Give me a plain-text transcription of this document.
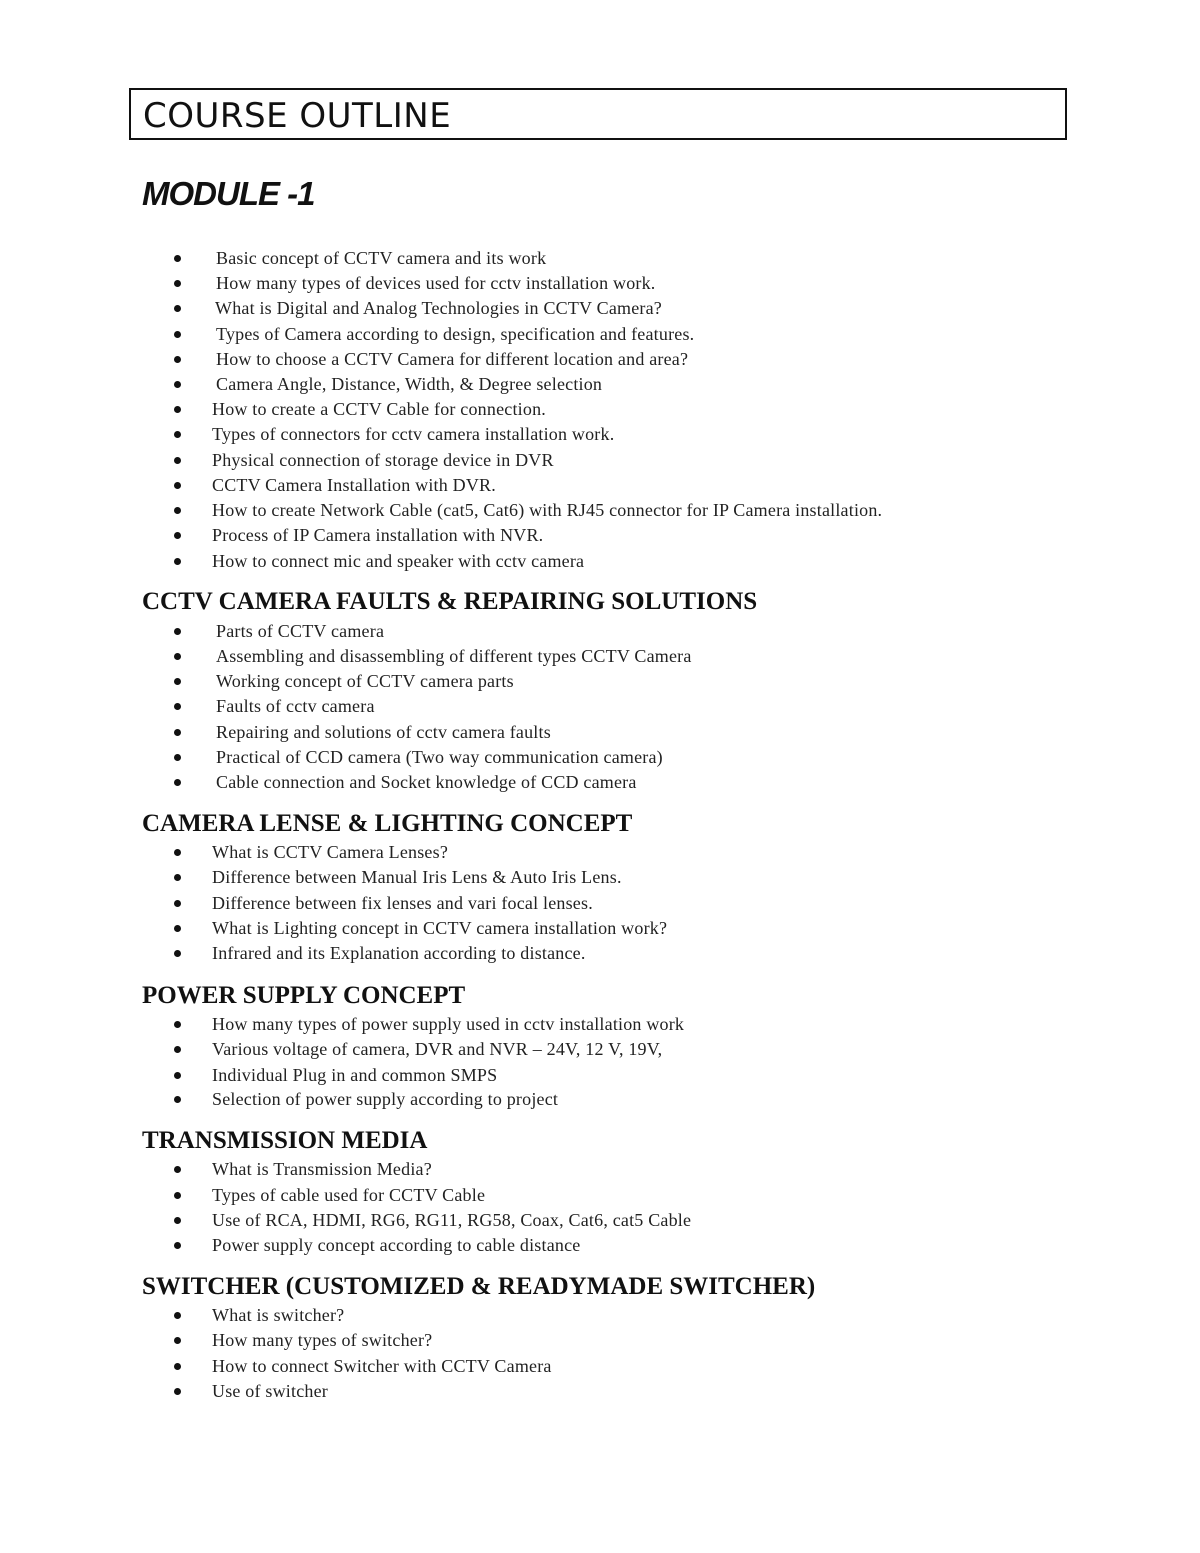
COURSE OUTLINE
MODULE -1
Basic concept of CCTV camera and its work
How many types of devices used for cctv installation work.
What is Digital and Analog Technologies in CCTV Camera?
Types of Camera according to design, specification and features.
How to choose a CCTV Camera for different location and area?
Camera Angle, Distance, Width, & Degree selection
How to create a CCTV Cable for connection.
Types of connectors for cctv camera installation work.
Physical connection of storage device in DVR
CCTV Camera Installation with DVR.
How to create Network Cable (cat5, Cat6) with RJ45 connector for IP Camera installation.
Process of IP Camera installation with NVR.
How to connect mic and speaker with cctv camera
CCTV CAMERA FAULTS & REPAIRING SOLUTIONS
Parts of CCTV camera
Assembling and disassembling of different types CCTV Camera
Working concept of CCTV camera parts
Faults of cctv camera
Repairing and solutions of cctv camera faults
Practical of CCD camera (Two way communication camera)
Cable connection and Socket knowledge of CCD camera
CAMERA LENSE & LIGHTING CONCEPT
What is CCTV Camera Lenses?
Difference between Manual Iris Lens & Auto Iris Lens.
Difference between fix lenses and vari focal lenses.
What is Lighting concept in CCTV camera installation work?
Infrared and its Explanation according to distance.
POWER SUPPLY CONCEPT
How many types of power supply used in cctv installation work
Various voltage of camera, DVR and NVR – 24V, 12 V, 19V,
Individual Plug in and common SMPS
Selection of power supply according to project
TRANSMISSION MEDIA
What is Transmission Media?
Types of cable used for CCTV Cable
Use of RCA, HDMI, RG6, RG11, RG58, Coax, Cat6, cat5 Cable
Power supply concept according to cable distance
SWITCHER (CUSTOMIZED & READYMADE SWITCHER)
What is switcher?
How many types of switcher?
How to connect Switcher with CCTV Camera
Use of switcher
